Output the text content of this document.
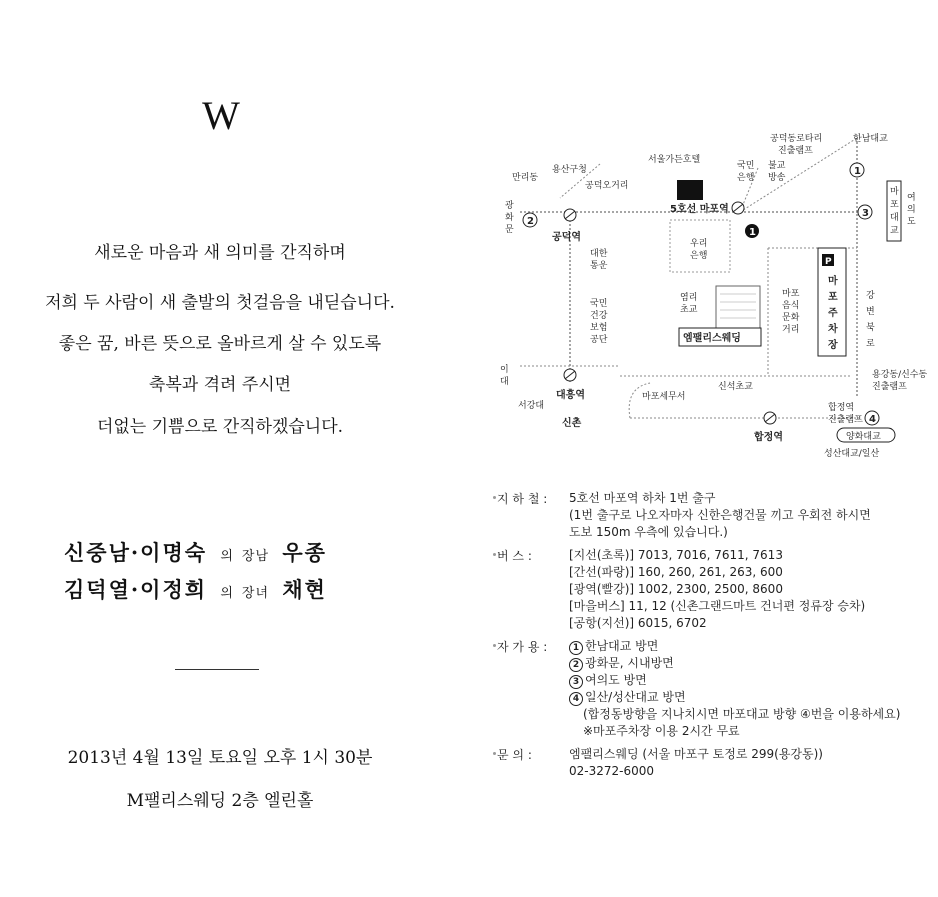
W
새로운 마음과 새 의미를 간직하며
저희 두 사람이 새 출발의 첫걸음을 내딛습니다.
좋은 꿈, 바른 뜻으로 올바르게 살 수 있도록
축복과 격려 주시면
더없는 기쁨으로 간직하겠습니다.
신중남·이명숙 의 장남 우종
김덕열·이정희 의 장녀 채현
2013년 4월 13일 토요일 오후 1시 30분
M팰리스웨딩 2층 엘린홀
P
1
2
3
4
1
한남대교
공덕동로타리
진출램프
만리동
용산구청
공덕오거리
서울가든호텔
국민
은행
불교
방송
5호선 마포역
광
화
문
공덕역
우리
은행
대한
통운
국민
건강
보험
공단
염리
초교
엠팰리스웨딩
마포
음식
문화
거리
마
포
주
차
장
강
변
북
로
마
포
대
교
여
의
도
이
대
대흥역
서강대
신촌
마포세무서
신석초교
합정역
합정역
진출램프
용강동/신수동
진출램프
양화대교
성산대교/일산
지 하 철 :	5호선 마포역 하차 1번 출구
(1번 출구로 나오자마자 신한은행건물 끼고 우회전 하시면
도보 150m 우측에 있습니다.)
버 스 :	[지선(초록)] 7013, 7016, 7611, 7613
[간선(파랑)] 160, 260, 261, 263, 600
[광역(빨강)] 1002, 2300, 2500, 8600
[마을버스] 11, 12 (신촌그랜드마트 건너편 정류장 승차)
[공항(지선)] 6015, 6702
자 가 용 :	1 한남대교 방면
2 광화문, 시내방면
3 여의도 방면
4 일산/성산대교 방면
(합정동방향을 지나치시면 마포대교 방향 ④번을 이용하세요)
※마포주차장 이용 2시간 무료
문 의 :	엠팰리스웨딩 (서울 마포구 토정로 299(용강동))
02-3272-6000
